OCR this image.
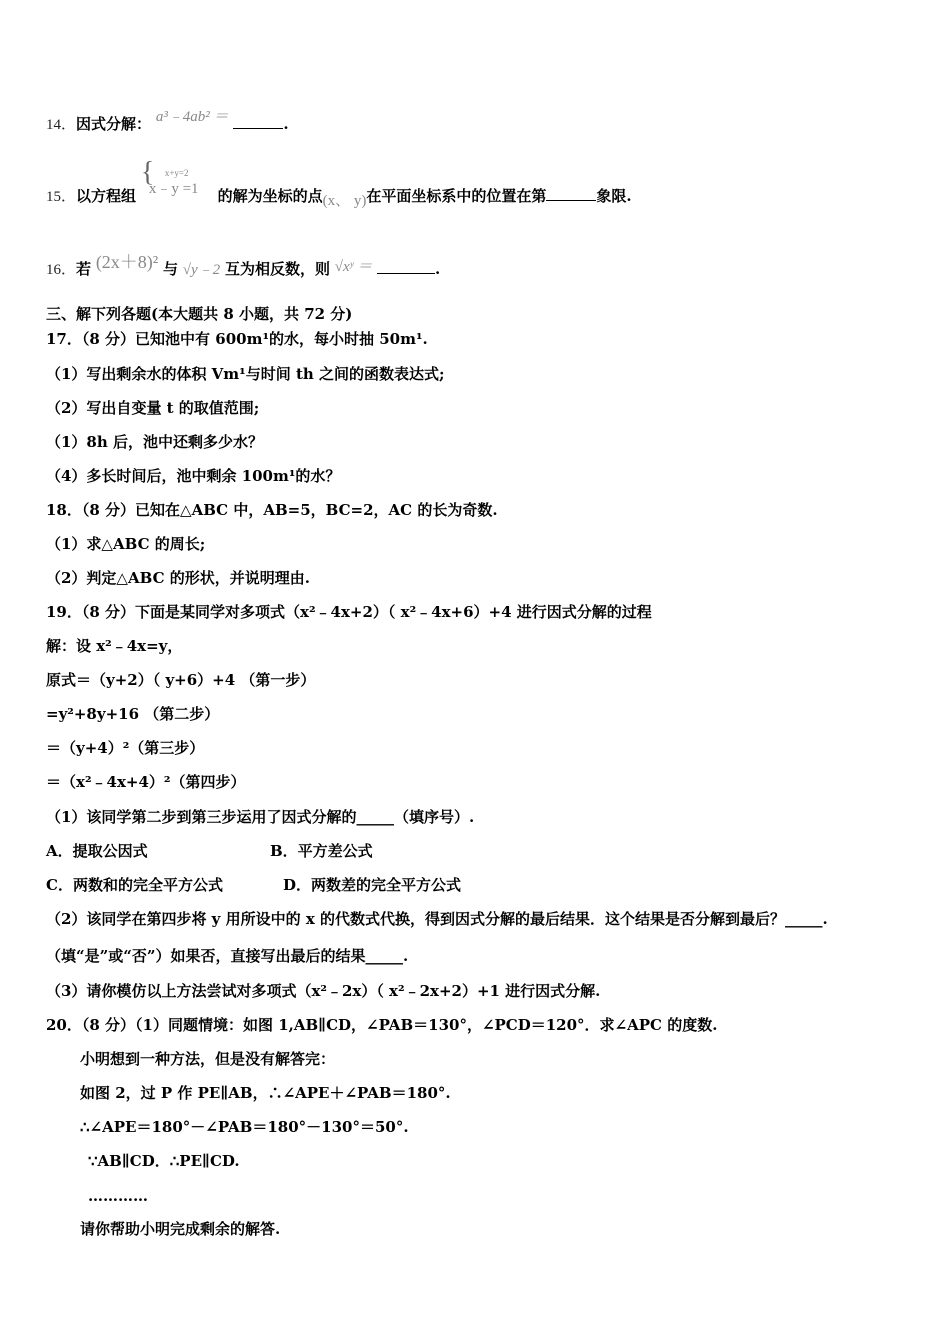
14．因式分解： a³﹣4ab² ＝	.
15．以方程组
{ x+y=2
x﹣y =1 的解为坐标的点(x、 y)在平面坐标系中的位置在第	象限.
16．若 (2x＋8)² 与 √y﹣2 互为相反数，则 √xʸ ＝	.
三、解下列各题(本大题共 8 小题，共 72 分)
17．（8 分）已知池中有 600m¹的水，每小时抽 50m¹.
（1）写出剩余水的体积 Vm¹与时间 th 之间的函数表达式;
（2）写出自变量 t 的取值范围;
（1）8h 后，池中还剩多少水？
（4）多长时间后，池中剩余 100m¹的水？
18．（8 分）已知在△ABC 中，AB=5，BC=2，AC 的长为奇数.
（1）求△ABC 的周长;
（2）判定△ABC 的形状，并说明理由.
19．（8 分）下面是某同学对多项式（x²﹣4x+2）（ x²﹣4x+6）+4 进行因式分解的过程
解：设 x²﹣4x=y，
原式＝（y+2）（ y+6）+4 （第一步）
=y²+8y+16 （第二步）
＝（y+4）²（第三步）
＝（x²﹣4x+4）²（第四步）
（1）该同学第二步到第三步运用了因式分解的_____（填序号）.
A．提取公因式	B．平方差公式
C．两数和的完全平方公式	D．两数差的完全平方公式
（2）该同学在第四步将 y 用所设中的 x 的代数式代换，得到因式分解的最后结果．这个结果是否分解到最后？_____.
（填“是”或“否”）如果否，直接写出最后的结果_____.
（3）请你模仿以上方法尝试对多项式（x²﹣2x）（ x²﹣2x+2）+1 进行因式分解.
20．（8 分）（1）同题情境：如图 1,AB∥CD，∠PAB＝130°，∠PCD＝120°．求∠APC 的度数.
小明想到一种方法，但是没有解答完：
如图 2，过 P 作 PE∥AB，∴∠APE＋∠PAB＝180°.
∴∠APE＝180°－∠PAB＝180°－130°＝50°.
∵AB∥CD．∴PE∥CD.
…………
请你帮助小明完成剩余的解答.
